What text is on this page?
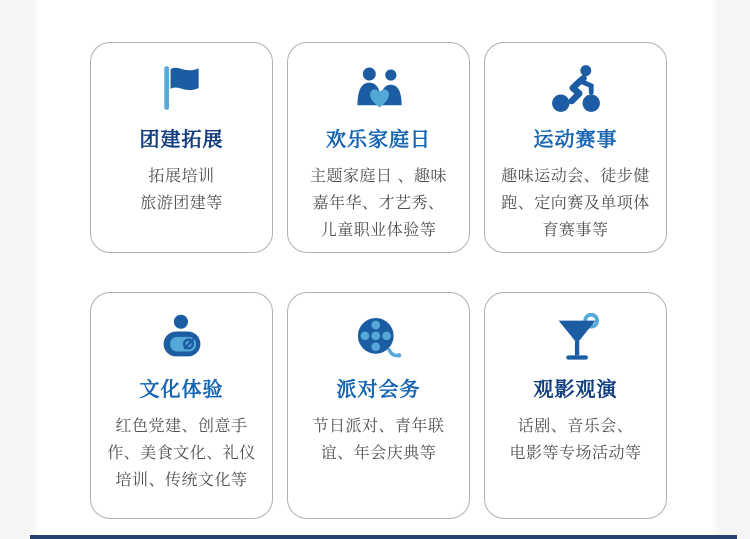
团建拓展
拓展培训
旅游团建等
欢乐家庭日
主题家庭日 、趣味
嘉年华、才艺秀、
儿童职业体验等
运动赛事
趣味运动会、徒步健
跑、定向赛及单项体
育赛事等
文化体验
红色党建、创意手
作、美食文化、礼仪
培训、传统文化等
派对会务
节日派对、青年联
谊、年会庆典等
观影观演
话剧、音乐会、
电影等专场活动等
